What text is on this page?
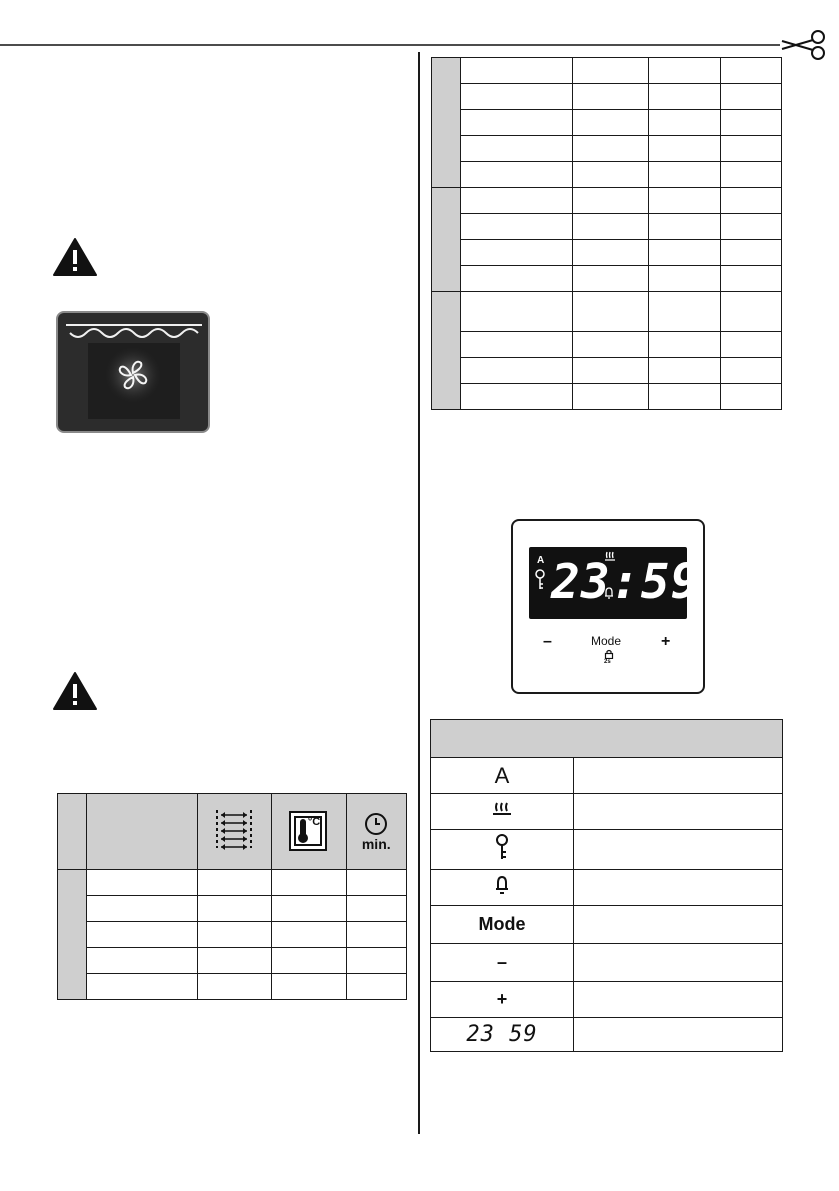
°C	min.

A 23:59
–	Mode
2s
+

A	

Mode	
–	
+	
23 59	
